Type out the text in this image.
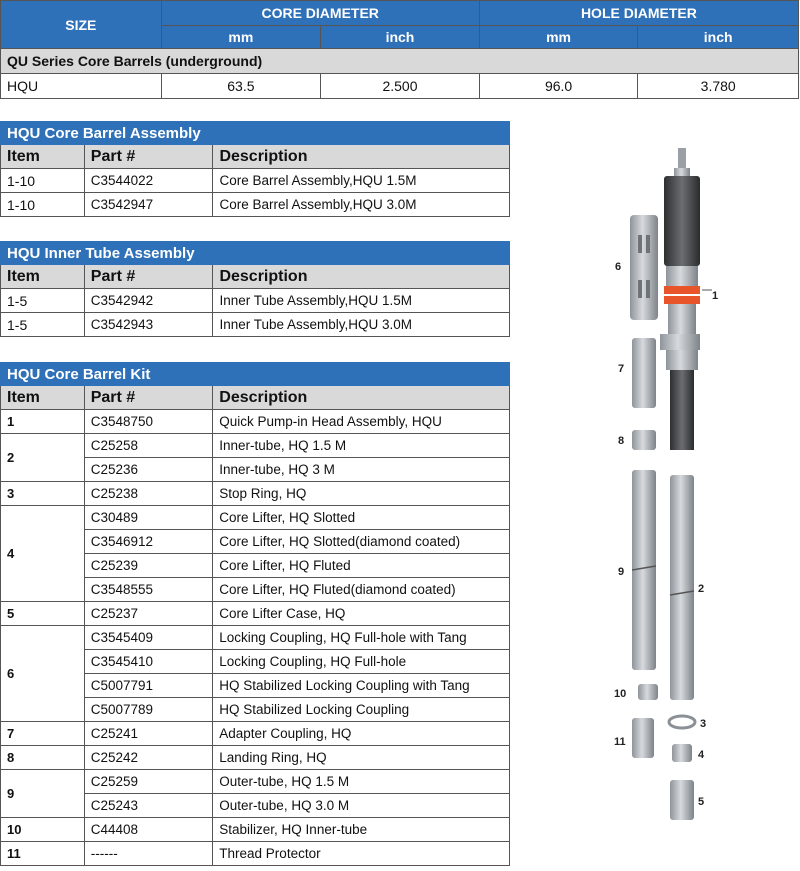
SIZE	CORE DIAMETER		HOLE DIAMETER	
	mm	inch	mm	inch
QU Series Core Barrels (underground)				
HQU	63.5	2.500	96.0	3.780
HQU Core Barrel Assembly		
Item	Part #	Description
1-10	C3544022	Core Barrel Assembly,HQU 1.5M
1-10	C3542947	Core Barrel Assembly,HQU 3.0M
HQU Inner Tube Assembly		
Item	Part #	Description
1-5	C3542942	Inner Tube Assembly,HQU 1.5M
1-5	C3542943	Inner Tube Assembly,HQU 3.0M
HQU Core Barrel Kit		
Item	Part #	Description
1	C3548750	Quick Pump-in Head Assembly, HQU
2	C25258	Inner-tube, HQ 1.5 M
	C25236	Inner-tube, HQ 3 M
3	C25238	Stop Ring, HQ
4	C30489	Core Lifter, HQ Slotted
	C3546912	Core Lifter, HQ Slotted(diamond coated)
	C25239	Core Lifter, HQ Fluted
	C3548555	Core Lifter, HQ Fluted(diamond coated)
5	C25237	Core Lifter Case, HQ
6	C3545409	Locking Coupling, HQ Full-hole with Tang
	C3545410	Locking Coupling, HQ Full-hole
	C5007791	HQ Stabilized Locking Coupling with Tang
	C5007789	HQ Stabilized Locking Coupling
7	C25241	Adapter Coupling, HQ
8	C25242	Landing Ring, HQ
9	C25259	Outer-tube, HQ 1.5 M
	C25243	Outer-tube, HQ 3.0 M
10	C44408	Stabilizer, HQ Inner-tube
11	------	Thread Protector
1
6
7
8
9
2
10
3
11
4
5
